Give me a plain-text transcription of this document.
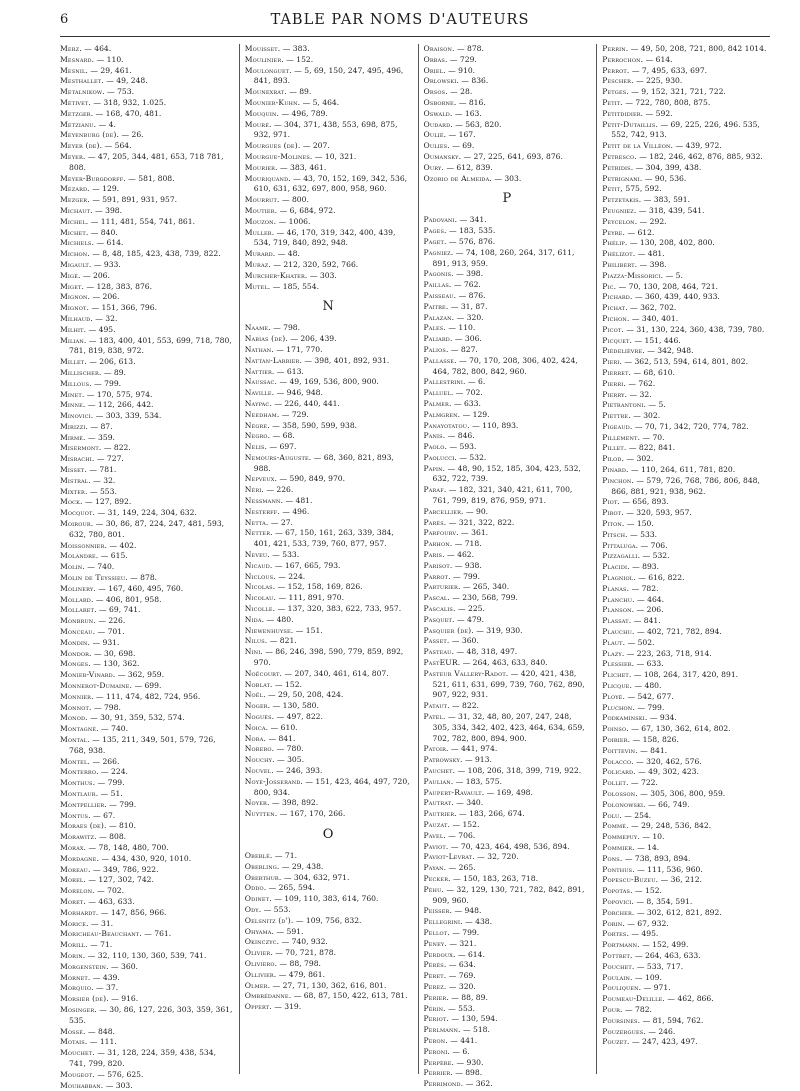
6	TABLE PAR NOMS D'AUTEURS
Merz. — 464.
Mesnard. — 110.
Mesnil. — 29, 461.
Mesthallet. — 49, 248.
Metalnikow. — 753.
Métivet. — 318, 932, 1.025.
Metzger. — 168, 470, 481.
Metzianu. — 4.
Meyenburg (de). — 26.
Meyer (de). — 564.
Meyer. — 47, 205, 344, 481, 653, 718 781, 808.
Meyer-Burgdorff. — 581, 808.
Mézard. — 129.
Mezger. — 591, 891, 931, 957.
Michaut. — 398.
Michel. — 111, 481, 554, 741, 861.
Michet. — 840.
Michiels. — 614.
Michon. — 8, 48, 185, 423, 438, 739, 822.
Migault. — 933.
Migé. — 206.
Miget. — 128, 383, 876.
Mignon. — 206.
Mignot. — 151, 366, 796.
Milhaud. — 32.
Milhit. — 495.
Milian. — 183, 400, 401, 553, 699, 718, 780, 781, 819, 838, 972.
Millet. — 206, 613.
Millischer. — 89.
Millous. — 799.
Minet. — 170, 575, 974.
Minne. — 112, 266, 442.
Minovici. — 303, 339, 534.
Mirizzi. — 87.
Mirmé. — 359.
Misermont. — 822.
Misrachi. — 727.
Misset. — 781.
Mistral. — 32.
Mixter. — 553.
Mock. — 127, 892.
Mocquot. — 31, 149, 224, 304, 632.
Moirour. — 30, 86, 87, 224, 247, 481, 593, 632, 780, 801.
Moissonnier. — 402.
Molandre. — 615.
Molin. — 740.
Molin de Teyssieu. — 878.
Molinery. — 167, 460, 495, 760.
Mollard. — 406, 801, 958.
Mollaret. — 69, 741.
Monbrun. — 226.
Monceau. — 701.
Mondin. — 931.
Mondor. — 30, 698.
Monges. — 130, 362.
Monier-Vinard. — 362, 959.
Monnerot-Dumaine. — 699.
Monnier. — 111, 474, 482, 724, 956.
Monnot. — 798.
Monod. — 30, 91, 359, 532, 574.
Montagné. — 740.
Montal. — 135, 211, 349, 501, 579, 726, 768, 938.
Montel. — 266.
Monterro. — 224.
Monthus. — 799.
Montlaur. — 51.
Montpellier. — 799.
Montus. — 67.
Moraes (de). — 810.
Morawitz. — 808.
Morax. — 78, 148, 480, 700.
Mordagne. — 434, 430, 920, 1010.
Moreau. — 349, 786, 922.
Morel. — 127, 302, 742.
Morelon. — 702.
Moret. — 463, 633.
Morhardt. — 147, 856, 966.
Morice. — 31.
Moricheau-Beauchant. — 761.
Morill. — 71.
Morin. — 32, 110, 130, 360, 539, 741.
Morgenstein. — 360.
Mornet. — 439.
Morquio. — 37.
Morsier (de). — 916.
Mosinger. — 30, 86, 127, 226, 303, 359, 361, 535.
Mossé. — 848.
Motais. — 111.
Mouchet. — 31, 128, 224, 359, 438, 534, 741, 799, 820.
Mougeot. — 576, 625.
Mouhabban. — 303.
Mouisset. — 383.
Moulinier. — 152.
Moulonguet. — 5, 69, 150, 247, 495, 496, 841, 893.
Mounexrat. — 89.
Mounier-Kuhn. — 5, 464.
Mouquin. — 496, 789.
Mouré. — 304, 371, 438, 553, 698, 875, 932, 971.
Mourgues (de). — 207.
Mourgue-Molines. — 10, 321.
Mourier. — 383, 461.
Mouriquand. — 43, 70, 152, 169, 342, 536, 610, 631, 632, 697, 800, 958, 960.
Mourrut. — 800.
Moutier. — 6, 684, 972.
Mouzon. — 1006.
Muller. — 46, 170, 319, 342, 400, 439, 534, 719, 840, 892, 948.
Murard. — 48.
Muraz. — 212, 320, 592, 766.
Murcher-Khater. — 303.
Mutel. — 185, 554.
N
Naame. — 798.
Nabias (de). — 206, 439.
Nathan. — 171, 770.
Nattan-Larrier. — 398, 401, 892, 931.
Nattier. — 613.
Naussac. — 49, 169, 536, 800, 900.
Naville. — 946, 948.
Naypac. — 226, 440, 441.
Needham. — 729.
Nègre. — 358, 590, 599, 938.
Negro. — 68.
Nelis. — 697.
Nemours-Auguste. — 68, 360, 821, 893, 988.
Nepveux. — 590, 849, 970.
Néri. — 226.
Nessmann. — 481.
Nesterff. — 496.
Netta. — 27.
Netter. — 67, 150, 161, 263, 339, 384, 401, 421, 533, 739, 760, 877, 957.
Neveu. — 533.
Nicaud. — 167, 665, 793.
Niclous. — 224.
Nicolas. — 152, 158, 169, 826.
Nicolau. — 111, 891, 970.
Nicolle. — 137, 320, 383, 622, 733, 957.
Nida. — 480.
Niewenhuyse. — 151.
Nilus. — 821.
Nini. — 86, 246, 398, 590, 779, 859, 892, 970.
Noëcourt. — 207, 340, 461, 614, 807.
Noblat. — 152.
Noël. — 29, 50, 208, 424.
Noger. — 130, 580.
Nogués. — 497, 822.
Noica. — 610.
Nora. — 841.
Norero. — 780.
Nouchy. — 305.
Nouvel. — 246, 393.
Noyé-Josserand. — 151, 423, 464, 497, 720, 800, 934.
Noyer. — 398, 892.
Nuytten. — 167, 170, 266.
O
Oberlé. — 71.
Oberling. — 29, 438.
Oberthur. — 304, 632, 971.
Oddo. — 265, 594.
Odinet. — 109, 110, 383, 614, 760.
Ody. — 553.
Oelsnitz (d'). — 109, 756, 832.
Ohyama. — 591.
Okinczyc. — 740, 932.
Olivier. — 70, 721, 878.
Oliviero. — 88, 798.
Ollivier. — 479, 861.
Olmer. — 27, 71, 130, 362, 616, 801.
Ombrédanne. — 68, 87, 150, 422, 613, 781.
Oppert. — 319.
Oraison. — 878.
Orbas. — 729.
Oriel. — 910.
Orlowski. — 836.
Orsos. — 28.
Osborne. — 816.
Oswald. — 163.
Oudard. — 563, 820.
Oulié. — 167.
Oulies. — 69.
Oumansky. — 27, 225, 641, 693, 876.
Oury. — 612, 839.
Ozorio de Almeida. — 303.
P
Padovani. — 341.
Pages. — 183, 535.
Paget. — 576, 876.
Pagniez. — 74, 108, 260, 264, 317, 611, 891, 913, 959.
Pagonis. — 398.
Paillas. — 762.
Paisseau. — 876.
Paitre. — 31, 87.
Palazan. — 320.
Pales. — 110.
Paliard. — 306.
Palios. — 827.
Pallasse. — 70, 170, 208, 306, 402, 424, 464, 782, 800, 842, 960.
Pallestrini. — 6.
Palluel. — 702.
Palmer. — 633.
Palmgren. — 129.
Panayotatou. — 110, 893.
Panis. — 846.
Paolo. — 593.
Paolucci. — 532.
Papin. — 48, 90, 152, 185, 304, 423, 532, 632, 722, 739.
Paraf. — 182, 321, 340, 421, 611, 700, 761, 799, 819, 876, 959, 971.
Parcellier. — 90.
Parès. — 321, 322, 822.
Parfourv. — 361.
Parhon. — 718.
Paris. — 462.
Parisot. — 938.
Parrot. — 799.
Parturier. — 265, 340.
Pascal. — 230, 568, 799.
Pascalis. — 225.
Pasquet. — 479.
Pasquier (de). — 319, 930.
Passet. — 360.
Pasteau. — 48, 318, 497.
PastEUR. — 264, 463, 633, 840.
Pasteur Vallery-Radot. — 420, 421, 438, 521, 611, 631, 699, 739, 760, 762, 890, 907, 922, 931.
Pataut. — 822.
Patel. — 31, 32, 48, 80, 207, 247, 248, 305, 334, 342, 402, 423, 464, 634, 659, 702, 782, 800, 894, 900.
Patoir. — 441, 974.
Patrowsky. — 913.
Pauchet. — 108, 206, 318, 399, 719, 922.
Paulian. — 183, 575.
Paupert-Ravault. — 169, 498.
Pautrat. — 340.
Pautrier. — 183, 266, 674.
Pauzat. — 152.
Pavel. — 706.
Paviot. — 70, 423, 464, 498, 536, 894.
Paviot-Levrat. — 32, 720.
Payan. — 265.
Pecker. — 150, 183, 263, 718.
Péhu. — 32, 129, 130, 721, 782, 842, 891, 909, 960.
Peisser. — 948.
Pellegrini. — 438.
Pellot. — 799.
Peney. — 321.
Perdoux. — 614.
Pérès. — 634.
Péret. — 769.
Perez. — 320.
Perier. — 88, 89.
Périn. — 553.
Periot. — 130, 594.
Perlmann. — 518.
Peron. — 441.
Peroni. — 6.
Perpère. — 930.
Perrier. — 898.
Perrimond. — 362.
Perrin. — 49, 50, 208, 721, 800, 842 1014.
Perrochon. — 614.
Perrot. — 7, 495, 633, 697.
Pescher. — 225, 930.
Petges. — 9, 152, 321, 721, 722.
Petit. — 722, 780, 808, 875.
Petitdidier. — 592.
Petit-Dutaillis. — 69, 225, 226, 496. 535, 552, 742, 913.
Petit de la Villéon. — 439, 972.
Petresco. — 182, 246, 462, 876, 885, 932.
Petridis. — 304, 399, 438.
Petrignani. — 90, 536.
Petit, 575, 592.
Petzetakis. — 383, 591.
Peugniez. — 318, 439, 541.
Peycelon. — 292.
Peyre. — 612.
Phélip. — 130, 208, 402, 800.
Phélizot. — 481.
Philibert. — 398.
Piazza-Missorici. — 5.
Pic. — 70, 130, 208, 464, 721.
Pichard. — 360, 439, 440, 933.
Pichat. — 362, 702.
Pichon. — 340, 401.
Picot. — 31, 130, 224, 360, 438, 739, 780.
Picquet. — 151, 446.
Piédelièvre. — 342, 948.
Pieri. — 362, 513, 594, 614, 801, 802.
Pierret. — 68, 610.
Pierri. — 762.
Pierry. — 32.
Pietrantoni. — 5.
Piettre. — 302.
Pigeaud. — 70, 71, 342, 720, 774, 782.
Pillement. — 70.
Pillet. — 822, 841.
Pilod. — 302.
Pinard. — 110, 264, 611, 781, 820.
Pinchon. — 579, 726, 768, 786, 806, 848, 866, 881, 921, 938, 962.
Piot. — 656, 893.
Pirot. — 320, 593, 957.
Piton. — 150.
Pitsch. — 533.
Pittaluga. — 706.
Pizzagalli. — 532.
Placidi. — 893.
Plagniol. — 616, 822.
Planas. — 782.
Planchu. — 464.
Planson. — 206.
Plassat. — 841.
Plauchu. — 402, 721, 782, 894.
Plaut. — 502.
Plazy. — 223, 263, 718, 914.
Plessier. — 633.
Plichet. — 108, 264, 317, 420, 891.
Plicque. — 480.
Ployé. — 542, 677.
Pluchon. — 799.
Podkaminski. — 934.
Poinso. — 67, 130, 362, 614, 802.
Poirier. — 158, 826.
Poittevin. — 841.
Polacco. — 320, 462, 576.
Policard. — 49, 302, 423.
Pollet. — 722.
Polosson. — 305, 306, 800, 959.
Polonowski. — 66, 749.
Polu. — 254.
Pommé. — 29, 248, 536, 842.
Pommepuy. — 10.
Pommier. — 14.
Pons. — 738, 893, 894.
Ponthus. — 111, 536, 960.
Popescu-Buzeu. — 36, 212.
Popotas. — 152.
Popovici. — 8, 354, 591.
Porcher. — 302, 612, 821, 892.
Porin. — 67, 932.
Portes. — 495.
Portmann. — 152, 499.
Pottret. — 264, 463, 633.
Pouchet. — 533, 717.
Poulain. — 109.
Pouliquen. — 971.
Poumeau-Delille. — 462, 866.
Pour. — 782.
Poursines. — 81, 594, 762.
Pouzergues. — 246.
Pouzet. — 247, 423, 497.
